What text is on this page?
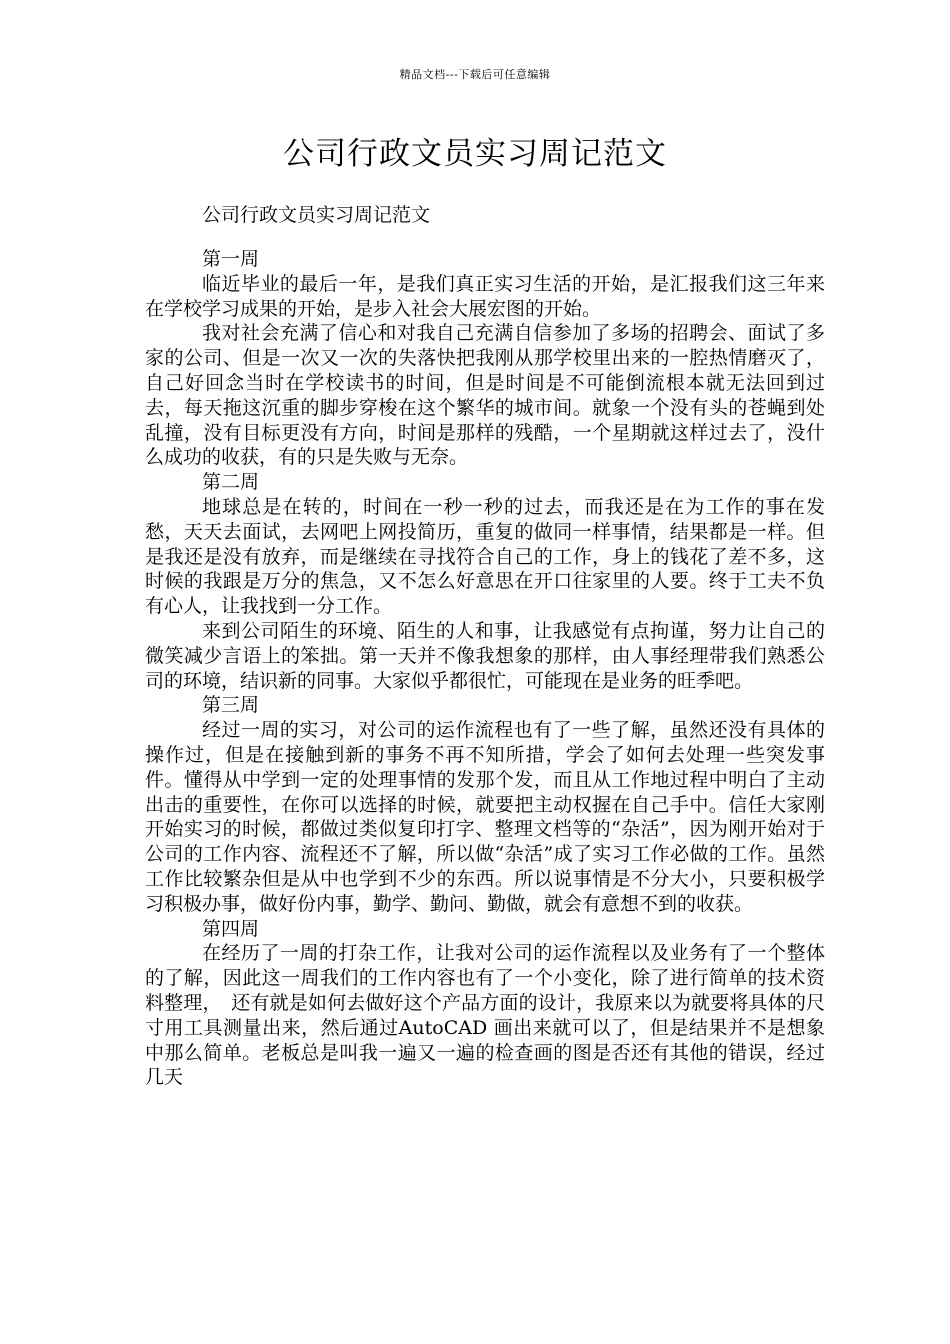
精品文档---下载后可任意编辑
公司行政文员实习周记范文
公司行政文员实习周记范文

第一周

临近毕业的最后一年，是我们真正实习生活的开始，是汇报我们这三年来在学校学习成果的开始，是步入社会大展宏图的开始。

我对社会充满了信心和对我自己充满自信参加了多场的招聘会、面试了多家的公司、但是一次又一次的失落快把我刚从那学校里出来的一腔热情磨灭了，自己好回念当时在学校读书的时间，但是时间是不可能倒流根本就无法回到过去，每天拖这沉重的脚步穿梭在这个繁华的城市间。就象一个没有头的苍蝇到处乱撞，没有目标更没有方向，时间是那样的残酷，一个星期就这样过去了，没什么成功的收获，有的只是失败与无奈。

第二周

地球总是在转的，时间在一秒一秒的过去，而我还是在为工作的事在发愁，天天去面试，去网吧上网投简历，重复的做同一样事情，结果都是一样。但是我还是没有放弃，而是继续在寻找符合自己的工作，身上的钱花了差不多，这时候的我跟是万分的焦急，又不怎么好意思在开口往家里的人要。终于工夫不负有心人，让我找到一分工作。

来到公司陌生的环境、陌生的人和事，让我感觉有点拘谨，努力让自己的微笑减少言语上的笨拙。第一天并不像我想象的那样，由人事经理带我们熟悉公司的环境，结识新的同事。大家似乎都很忙，可能现在是业务的旺季吧。

第三周

经过一周的实习，对公司的运作流程也有了一些了解，虽然还没有具体的操作过，但是在接触到新的事务不再不知所措，学会了如何去处理一些突发事件。懂得从中学到一定的处理事情的发那个发，而且从工作地过程中明白了主动出击的重要性，在你可以选择的时候，就要把主动权握在自己手中。信任大家刚开始实习的时候，都做过类似复印打字、整理文档等的“杂活”，因为刚开始对于公司的工作内容、流程还不了解，所以做“杂活”成了实习工作必做的工作。虽然工作比较繁杂但是从中也学到不少的东西。所以说事情是不分大小，只要积极学习积极办事，做好份内事，勤学、勤问、勤做，就会有意想不到的收获。

第四周

在经历了一周的打杂工作，让我对公司的运作流程以及业务有了一个整体的了解，因此这一周我们的工作内容也有了一个小变化，除了进行简单的技术资料整理，　还有就是如何去做好这个产品方面的设计，我原来以为就要将具体的尺寸用工具测量出来，然后通过AutoCAD 画出来就可以了，但是结果并不是想象中那么简单。老板总是叫我一遍又一遍的检查画的图是否还有其他的错误，经过几天
